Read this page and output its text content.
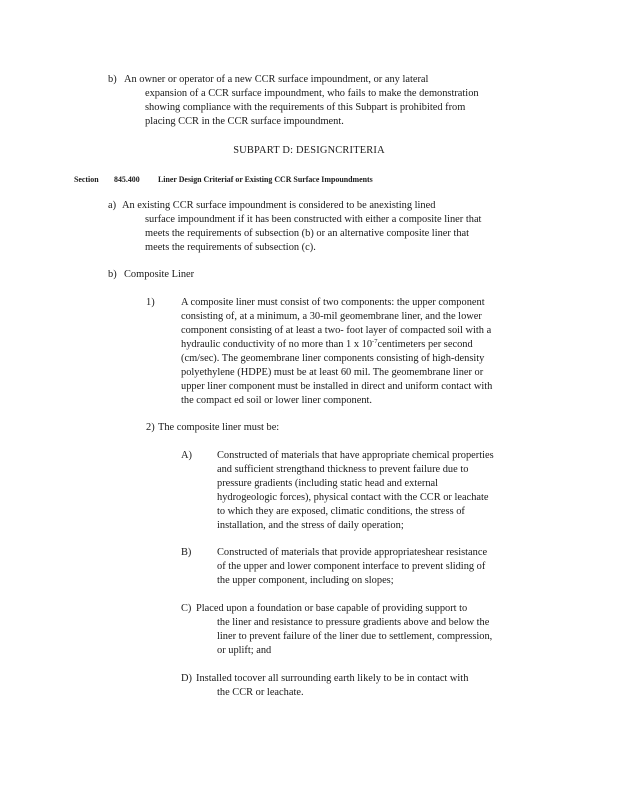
b) An owner or operator of a new CCR surface impoundment, or any lateral
expansion of a CCR surface impoundment, who fails to make the demonstration
showing compliance with the requirements of this Subpart is prohibited from
placing CCR in the CCR surface impoundment.
SUBPART D: DESIGNCRITERIA
Section 845.400 Liner Design Criteriaf or Existing CCR Surface Impoundments
a) An existing CCR surface impoundment is considered to be anexisting lined
surface impoundment if it has been constructed with either a composite liner that
meets the requirements of subsection (b) or an alternative composite liner that
meets the requirements of subsection (c).
b) Composite Liner
1)	A composite liner must consist of two components: the upper component
consisting of, at a minimum, a 30-mil geomembrane liner, and the lower
component consisting of at least a two- foot layer of compacted soil with a
hydraulic conductivity of no more than 1 x $10^{-7}centimeters$ per second
(cm/sec). The geomembrane liner components consisting of high-density
polyethylene (HDPE) must be at least 60 mil. The geomembrane liner or
upper liner component must be installed in direct and uniform contact with
the compact ed soil or lower liner component.
2) The composite liner must be:
A) Constructed of materials that have appropriate chemical properties
and sufficient strengthand thickness to prevent failure due to
pressure gradients (including static head and external
hydrogeologic forces), physical contact with the CCR or leachate
to which they are exposed, climatic conditions, the stress of
installation, and the stress of daily operation;
B) Constructed of materials that provide appropriateshear resistance
of the upper and lower component interface to prevent sliding of
the upper component, including on slopes;
C) Placed upon a foundation or base capable of providing support to
the liner and resistance to pressure gradients above and below the
liner to prevent failure of the liner due to settlement, compression,
or uplift; and
D) Installed tocover all surrounding earth likely to be in contact with
the CCR or leachate.
